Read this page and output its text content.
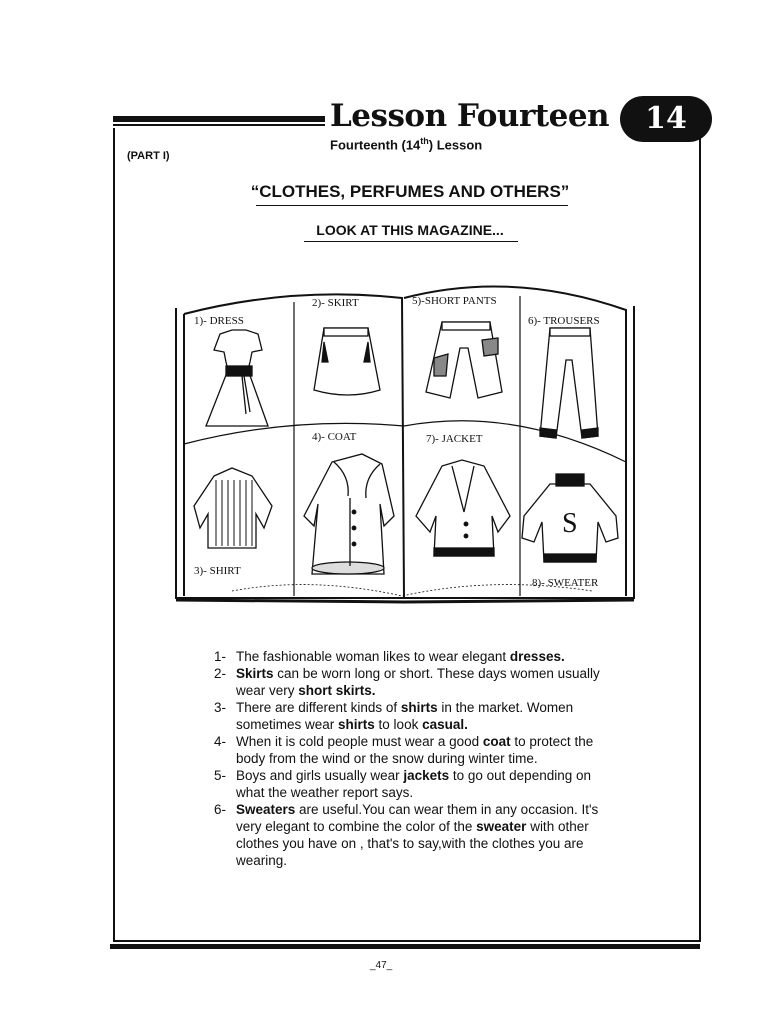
Lesson Fourteen	14
Fourteenth (14th) Lesson
(PART I)
“CLOTHES, PERFUMES AND OTHERS”
LOOK AT THIS MAGAZINE...
1)- DRESS
2)- SKIRT	5)-SHORT PANTS
6)- TROUSERS
4)- COAT	7)- JACKET
3)- SHIRT
8)- SWEATER
S
1- The fashionable woman likes to wear elegant dresses.
2- Skirts can be worn long or short. These days women usually wear very short skirts.
3- There are different kinds of shirts in the market. Women sometimes wear shirts to look casual.
4- When it is cold people must wear a good coat to protect the body from the wind or the snow during winter time.
5- Boys and girls usually wear jackets to go out depending on what the weather report says.
6- Sweaters are useful.You can wear them in any occasion. It's very elegant to combine the color of the sweater with other clothes you have on , that's to say,with the clothes you are wearing.
_47_
